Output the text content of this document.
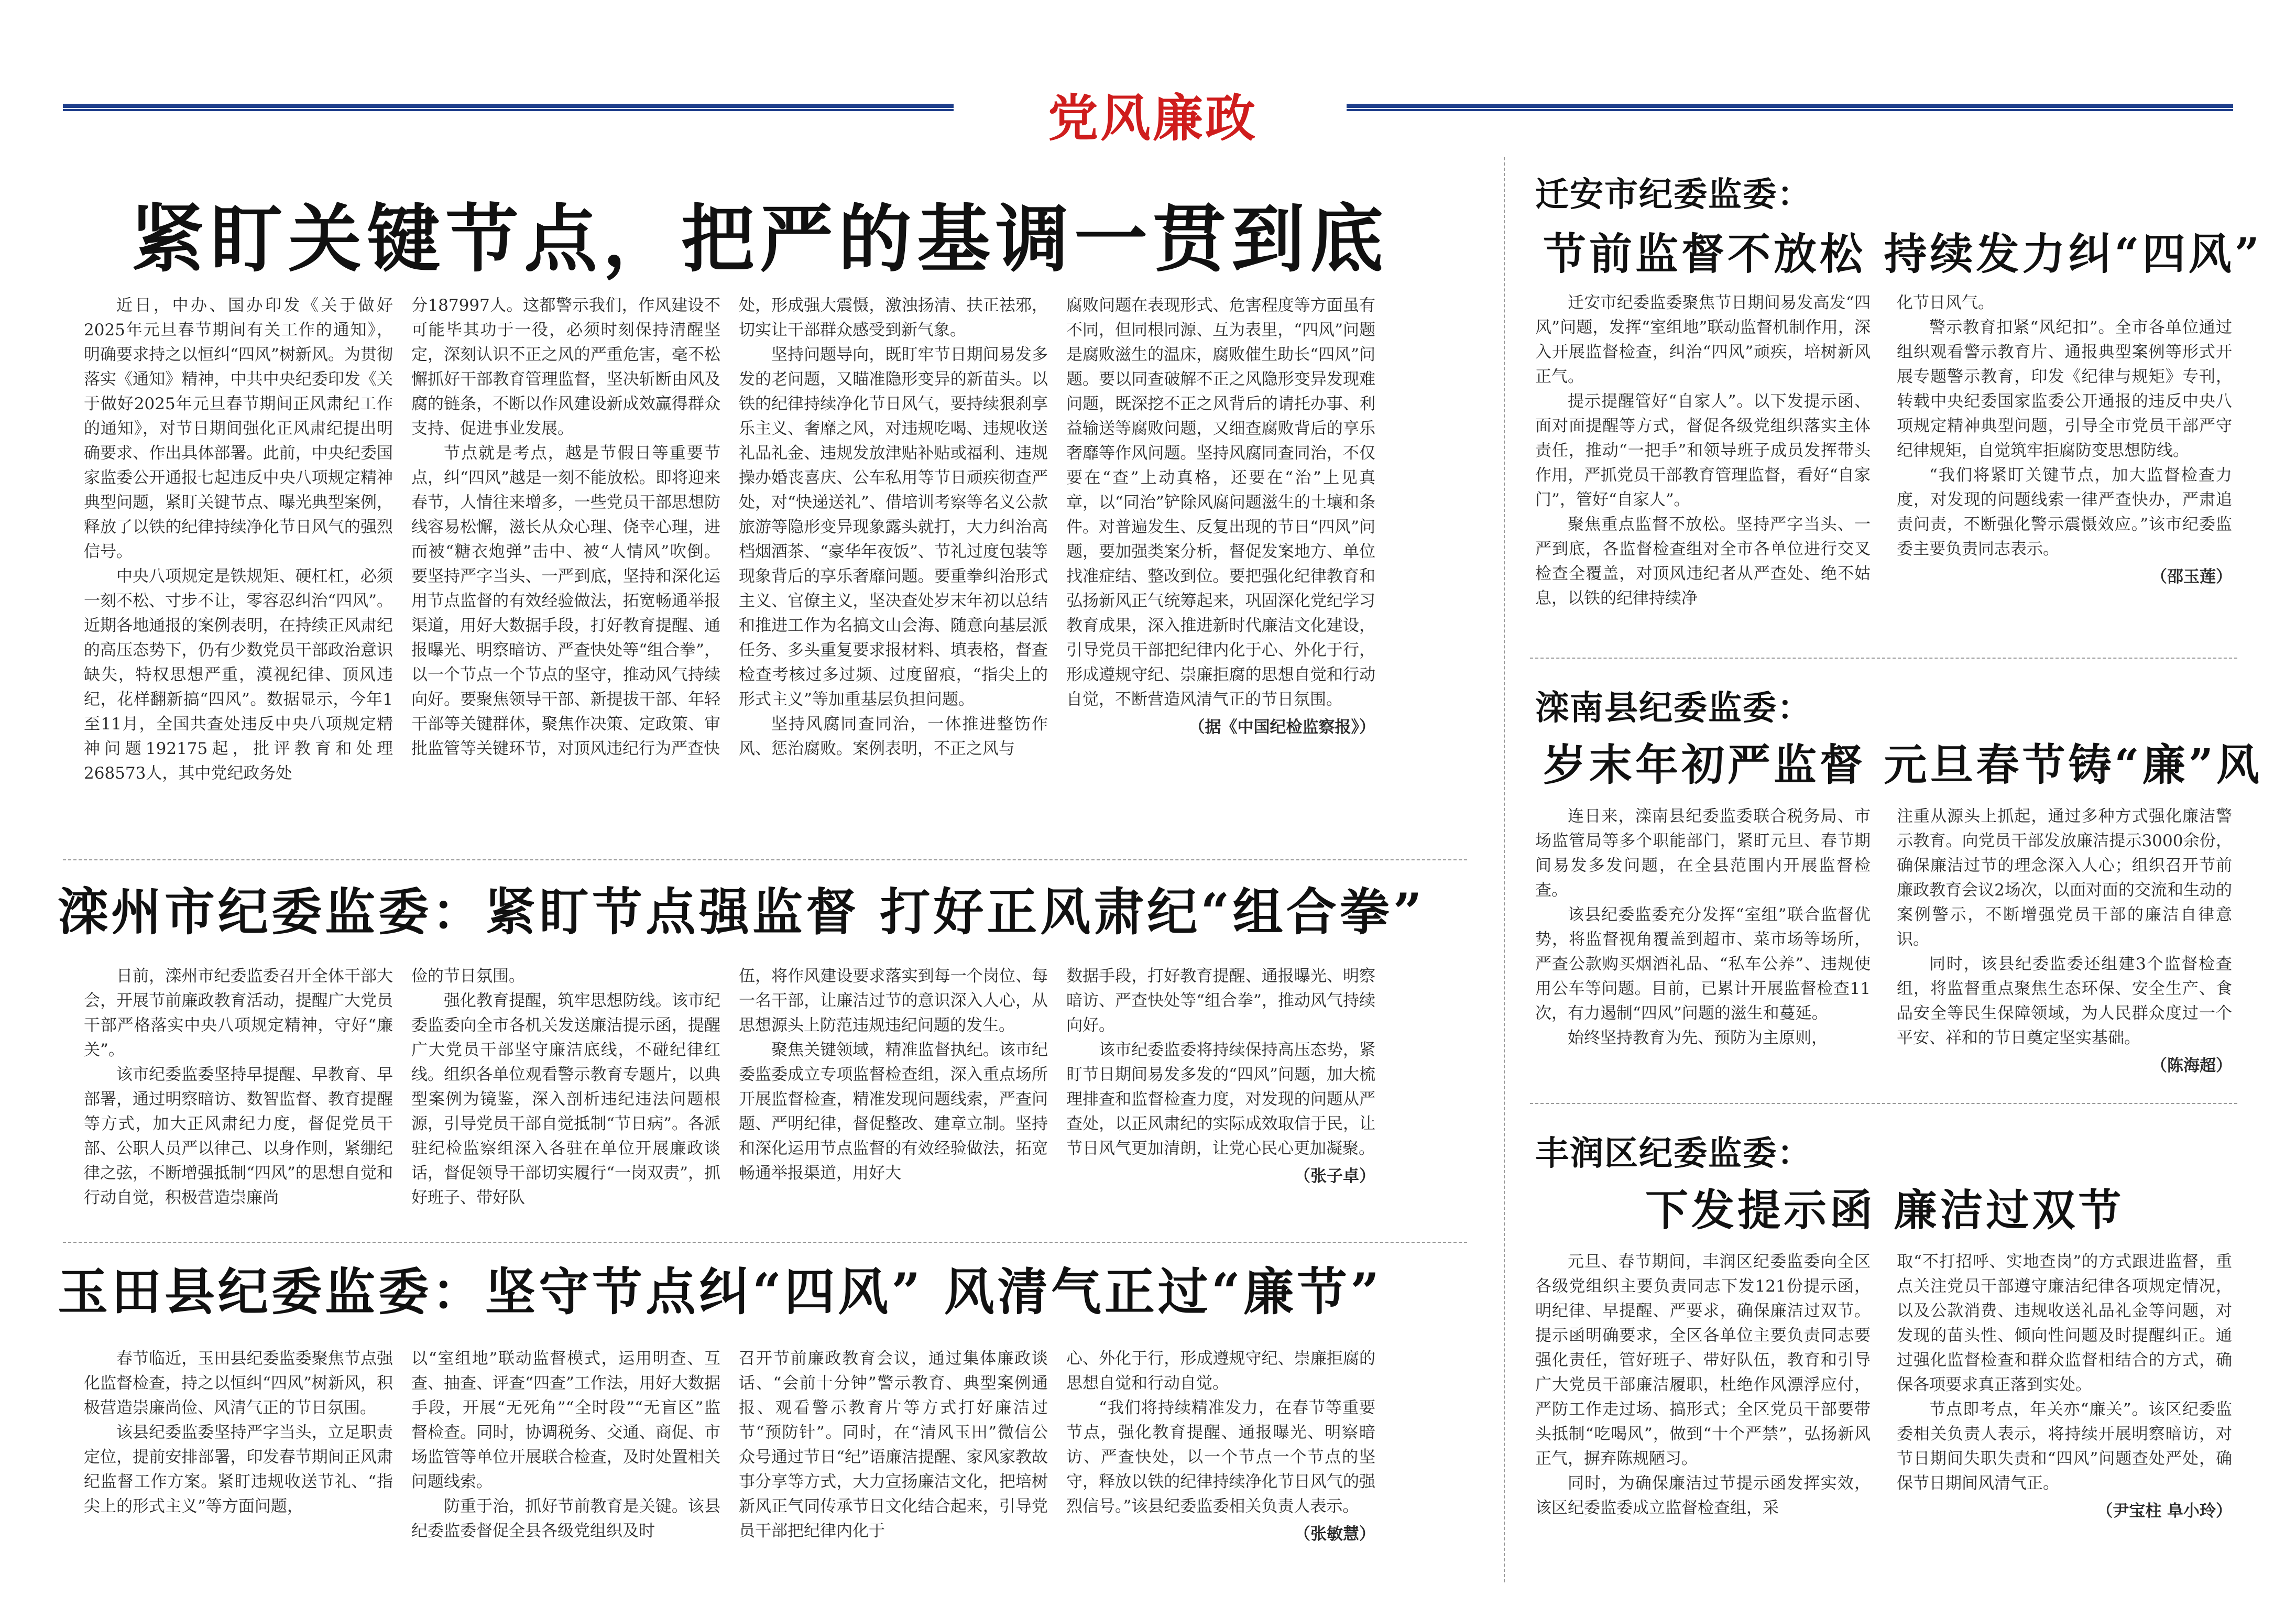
党风廉政
紧盯关键节点，把严的基调一贯到底

近日，中办、国办印发《关于做好2025年元旦春节期间有关工作的通知》，明确要求持之以恒纠“四风”树新风。为贯彻落实《通知》精神，中共中央纪委印发《关于做好2025年元旦春节期间正风肃纪工作的通知》，对节日期间强化正风肃纪提出明确要求、作出具体部署。此前，中央纪委国家监委公开通报七起违反中央八项规定精神典型问题，紧盯关键节点、曝光典型案例，释放了以铁的纪律持续净化节日风气的强烈信号。

中央八项规定是铁规矩、硬杠杠，必须一刻不松、寸步不让，零容忍纠治“四风”。近期各地通报的案例表明，在持续正风肃纪的高压态势下，仍有少数党员干部政治意识缺失，特权思想严重，漠视纪律、顶风违纪，花样翻新搞“四风”。数据显示，今年1至11月，全国共查处违反中央八项规定精神问题192175起，批评教育和处理268573人，其中党纪政务处

分187997人。这都警示我们，作风建设不可能毕其功于一役，必须时刻保持清醒坚定，深刻认识不正之风的严重危害，毫不松懈抓好干部教育管理监督，坚决斩断由风及腐的链条，不断以作风建设新成效赢得群众支持、促进事业发展。

节点就是考点，越是节假日等重要节点，纠“四风”越是一刻不能放松。即将迎来春节，人情往来增多，一些党员干部思想防线容易松懈，滋长从众心理、侥幸心理，进而被“糖衣炮弹”击中、被“人情风”吹倒。要坚持严字当头、一严到底，坚持和深化运用节点监督的有效经验做法，拓宽畅通举报渠道，用好大数据手段，打好教育提醒、通报曝光、明察暗访、严查快处等“组合拳”，以一个节点一个节点的坚守，推动风气持续向好。要聚焦领导干部、新提拔干部、年轻干部等关键群体，聚焦作决策、定政策、审批监管等关键环节，对顶风违纪行为严查快

处，形成强大震慑，激浊扬清、扶正祛邪，切实让干部群众感受到新气象。

坚持问题导向，既盯牢节日期间易发多发的老问题，又瞄准隐形变异的新苗头。以铁的纪律持续净化节日风气，要持续狠刹享乐主义、奢靡之风，对违规吃喝、违规收送礼品礼金、违规发放津贴补贴或福利、违规操办婚丧喜庆、公车私用等节日顽疾彻查严处，对“快递送礼”、借培训考察等名义公款旅游等隐形变异现象露头就打，大力纠治高档烟酒茶、“豪华年夜饭”、节礼过度包装等现象背后的享乐奢靡问题。要重拳纠治形式主义、官僚主义，坚决查处岁末年初以总结和推进工作为名搞文山会海、随意向基层派任务、多头重复要求报材料、填表格，督查检查考核过多过频、过度留痕，“指尖上的形式主义”等加重基层负担问题。

坚持风腐同查同治，一体推进整饬作风、惩治腐败。案例表明，不正之风与

腐败问题在表现形式、危害程度等方面虽有不同，但同根同源、互为表里，“四风”问题是腐败滋生的温床，腐败催生助长“四风”问题。要以同查破解不正之风隐形变异发现难问题，既深挖不正之风背后的请托办事、利益输送等腐败问题，又细查腐败背后的享乐奢靡等作风问题。坚持风腐同查同治，不仅要在“查”上动真格，还要在“治”上见真章，以“同治”铲除风腐问题滋生的土壤和条件。对普遍发生、反复出现的节日“四风”问题，要加强类案分析，督促发案地方、单位找准症结、整改到位。要把强化纪律教育和弘扬新风正气统筹起来，巩固深化党纪学习教育成果，深入推进新时代廉洁文化建设，引导党员干部把纪律内化于心、外化于行，形成遵规守纪、崇廉拒腐的思想自觉和行动自觉，不断营造风清气正的节日氛围。

（据《中国纪检监察报》）

滦州市纪委监委：紧盯节点强监督 打好正风肃纪“组合拳”

日前，滦州市纪委监委召开全体干部大会，开展节前廉政教育活动，提醒广大党员干部严格落实中央八项规定精神，守好“廉关”。

该市纪委监委坚持早提醒、早教育、早部署，通过明察暗访、数智监督、教育提醒等方式，加大正风肃纪力度，督促党员干部、公职人员严以律己、以身作则，紧绷纪律之弦，不断增强抵制“四风”的思想自觉和行动自觉，积极营造崇廉尚

俭的节日氛围。

强化教育提醒，筑牢思想防线。该市纪委监委向全市各机关发送廉洁提示函，提醒广大党员干部坚守廉洁底线，不碰纪律红线。组织各单位观看警示教育专题片，以典型案例为镜鉴，深入剖析违纪违法问题根源，引导党员干部自觉抵制“节日病”。各派驻纪检监察组深入各驻在单位开展廉政谈话，督促领导干部切实履行“一岗双责”，抓好班子、带好队

伍，将作风建设要求落实到每一个岗位、每一名干部，让廉洁过节的意识深入人心，从思想源头上防范违规违纪问题的发生。

聚焦关键领域，精准监督执纪。该市纪委监委成立专项监督检查组，深入重点场所开展监督检查，精准发现问题线索，严查问题、严明纪律，督促整改、建章立制。坚持和深化运用节点监督的有效经验做法，拓宽畅通举报渠道，用好大

数据手段，打好教育提醒、通报曝光、明察暗访、严查快处等“组合拳”，推动风气持续向好。

该市纪委监委将持续保持高压态势，紧盯节日期间易发多发的“四风”问题，加大梳理排查和监督检查力度，对发现的问题从严查处，以正风肃纪的实际成效取信于民，让节日风气更加清朗，让党心民心更加凝聚。

（张子卓）

玉田县纪委监委：坚守节点纠“四风” 风清气正过“廉节”

春节临近，玉田县纪委监委聚焦节点强化监督检查，持之以恒纠“四风”树新风，积极营造崇廉尚俭、风清气正的节日氛围。

该县纪委监委坚持严字当头，立足职责定位，提前安排部署，印发春节期间正风肃纪监督工作方案。紧盯违规收送节礼、“指尖上的形式主义”等方面问题，

以“室组地”联动监督模式，运用明查、互查、抽查、评查“四查”工作法，用好大数据手段，开展“无死角”“全时段”“无盲区”监督检查。同时，协调税务、交通、商促、市场监管等单位开展联合检查，及时处置相关问题线索。

防重于治，抓好节前教育是关键。该县纪委监委督促全县各级党组织及时

召开节前廉政教育会议，通过集体廉政谈话、“会前十分钟”警示教育、典型案例通报、观看警示教育片等方式打好廉洁过节“预防针”。同时，在“清风玉田”微信公众号通过节日“纪”语廉洁提醒、家风家教故事分享等方式，大力宣扬廉洁文化，把培树新风正气同传承节日文化结合起来，引导党员干部把纪律内化于

心、外化于行，形成遵规守纪、崇廉拒腐的思想自觉和行动自觉。

“我们将持续精准发力，在春节等重要节点，强化教育提醒、通报曝光、明察暗访、严查快处，以一个节点一个节点的坚守，释放以铁的纪律持续净化节日风气的强烈信号。”该县纪委监委相关负责人表示。

（张敏慧）

迁安市纪委监委：
节前监督不放松 持续发力纠“四风”

迁安市纪委监委聚焦节日期间易发高发“四风”问题，发挥“室组地”联动监督机制作用，深入开展监督检查，纠治“四风”顽疾，培树新风正气。

提示提醒管好“自家人”。以下发提示函、面对面提醒等方式，督促各级党组织落实主体责任，推动“一把手”和领导班子成员发挥带头作用，严抓党员干部教育管理监督，看好“自家门”，管好“自家人”。

聚焦重点监督不放松。坚持严字当头、一严到底，各监督检查组对全市各单位进行交叉检查全覆盖，对顶风违纪者从严查处、绝不姑息，以铁的纪律持续净

化节日风气。

警示教育扣紧“风纪扣”。全市各单位通过组织观看警示教育片、通报典型案例等形式开展专题警示教育，印发《纪律与规矩》专刊，转载中央纪委国家监委公开通报的违反中央八项规定精神典型问题，引导全市党员干部严守纪律规矩，自觉筑牢拒腐防变思想防线。

“我们将紧盯关键节点，加大监督检查力度，对发现的问题线索一律严查快办，严肃追责问责，不断强化警示震慑效应。”该市纪委监委主要负责同志表示。

（邵玉莲）

滦南县纪委监委：
岁末年初严监督 元旦春节铸“廉”风

连日来，滦南县纪委监委联合税务局、市场监管局等多个职能部门，紧盯元旦、春节期间易发多发问题，在全县范围内开展监督检查。

该县纪委监委充分发挥“室组”联合监督优势，将监督视角覆盖到超市、菜市场等场所，严查公款购买烟酒礼品、“私车公养”、违规使用公车等问题。目前，已累计开展监督检查11次，有力遏制“四风”问题的滋生和蔓延。

始终坚持教育为先、预防为主原则，

注重从源头上抓起，通过多种方式强化廉洁警示教育。向党员干部发放廉洁提示3000余份，确保廉洁过节的理念深入人心；组织召开节前廉政教育会议2场次，以面对面的交流和生动的案例警示，不断增强党员干部的廉洁自律意识。

同时，该县纪委监委还组建3个监督检查组，将监督重点聚焦生态环保、安全生产、食品安全等民生保障领域，为人民群众度过一个平安、祥和的节日奠定坚实基础。

（陈海超）

丰润区纪委监委：
下发提示函 廉洁过双节

元旦、春节期间，丰润区纪委监委向全区各级党组织主要负责同志下发121份提示函，明纪律、早提醒、严要求，确保廉洁过双节。提示函明确要求，全区各单位主要负责同志要强化责任，管好班子、带好队伍，教育和引导广大党员干部廉洁履职，杜绝作风漂浮应付，严防工作走过场、搞形式；全区党员干部要带头抵制“吃喝风”，做到“十个严禁”，弘扬新风正气，摒弃陈规陋习。

同时，为确保廉洁过节提示函发挥实效，该区纪委监委成立监督检查组，采

取“不打招呼、实地查岗”的方式跟进监督，重点关注党员干部遵守廉洁纪律各项规定情况，以及公款消费、违规收送礼品礼金等问题，对发现的苗头性、倾向性问题及时提醒纠正。通过强化监督检查和群众监督相结合的方式，确保各项要求真正落到实处。

节点即考点，年关亦“廉关”。该区纪委监委相关负责人表示，将持续开展明察暗访，对节日期间失职失责和“四风”问题查处严处，确保节日期间风清气正。

（尹宝柱 阜小玲）
